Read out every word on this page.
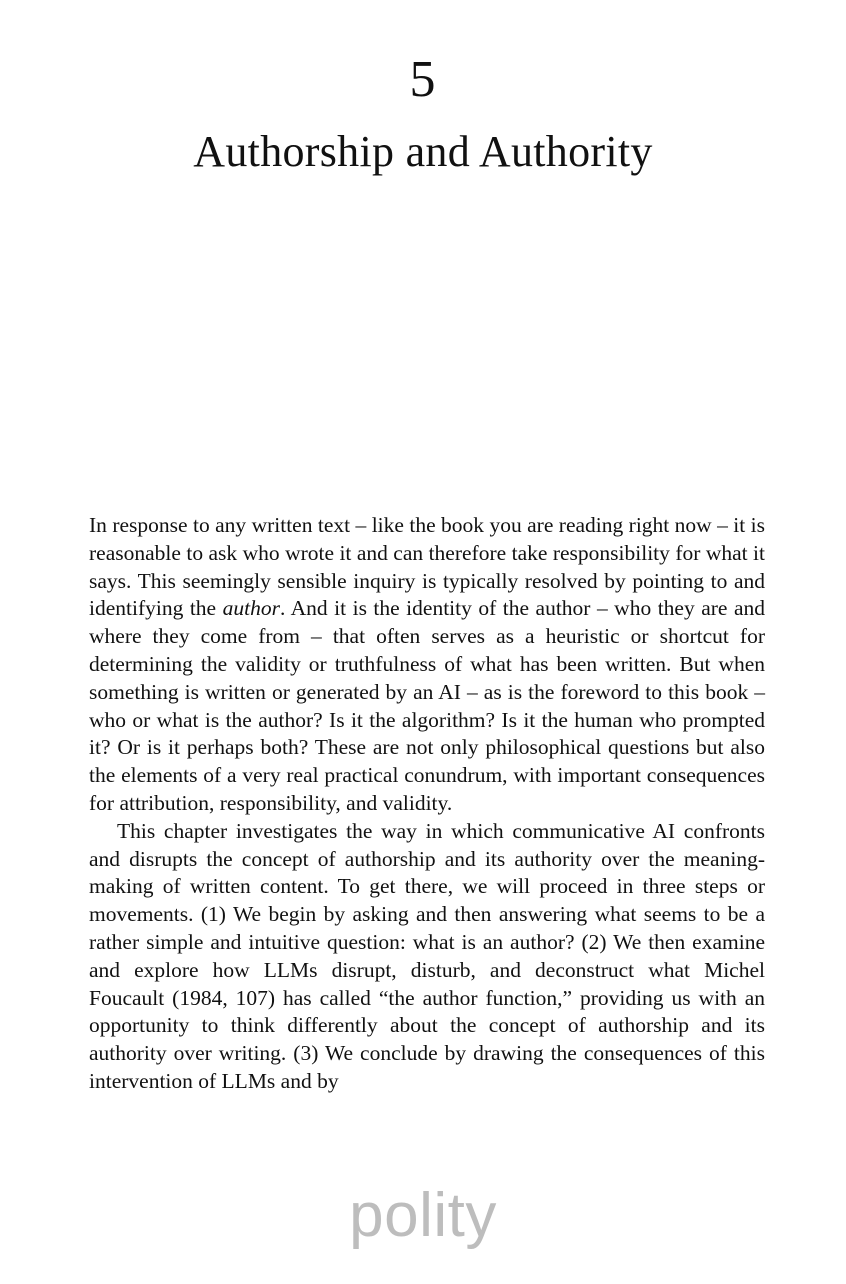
5
Authorship and Authority

In response to any written text – like the book you are reading right now – it is reasonable to ask who wrote it and can therefore take responsibility for what it says. This seemingly sensible inquiry is typically resolved by pointing to and identifying the author. And it is the identity of the author – who they are and where they come from – that often serves as a heuristic or shortcut for determining the validity or truthfulness of what has been written. But when something is written or generated by an AI – as is the foreword to this book – who or what is the author? Is it the algorithm? Is it the human who prompted it? Or is it perhaps both? These are not only philosophical questions but also the elements of a very real practical conundrum, with important consequences for attribution, responsibility, and validity.

This chapter investigates the way in which communicative AI confronts and disrupts the concept of authorship and its authority over the meaning-making of written content. To get there, we will proceed in three steps or movements. (1) We begin by asking and then answering what seems to be a rather simple and intuitive question: what is an author? (2) We then examine and explore how LLMs disrupt, disturb, and deconstruct what Michel Foucault (1984, 107) has called “the author function,” providing us with an opportunity to think differently about the concept of authorship and its authority over writing. (3) We conclude by drawing the consequences of this intervention of LLMs and by

polity
